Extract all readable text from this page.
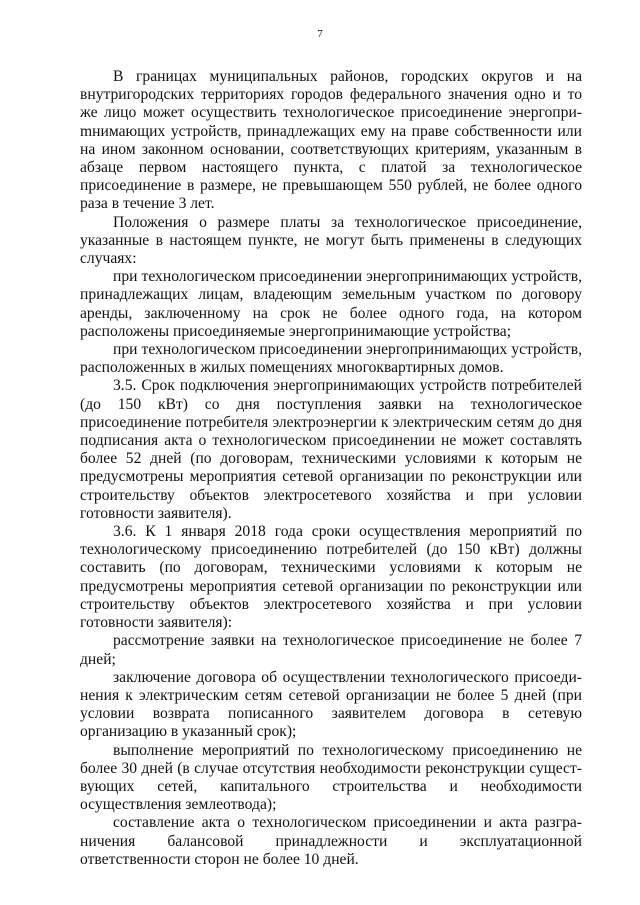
7

В границах муниципальных районов, городских округов и на внутригородских территориях городов федерального значения одно и то же лицо может осуществить технологическое присоединение энергоприmнимающих устройств, принадлежащих ему на праве собственности или на ином законном основании, соответствующих критериям, указанным в абзаце первом настоящего пункта, с платой за технологическое присоединение в размере, не превышающем 550 рублей, не более одного раза в течение 3 лет.

Положения о размере платы за технологическое присоединение, указанные в настоящем пункте, не могут быть применены в следующих случаях:

при технологическом присоединении энергопринимающих устройств, принадлежащих лицам, владеющим земельным участком по договору аренды, заключенному на срок не более одного года, на котором расположены присоединяемые энергопринимающие устройства;

при технологическом присоединении энергопринимающих устройств, расположенных в жилых помещениях многоквартирных домов.

3.5. Срок подключения энергопринимающих устройств потребителей (до 150 кВт) со дня поступления заявки на технологическое присоединение потребителя электроэнергии к электрическим сетям до дня подписания акта о технологическом присоединении не может составлять более 52 дней (по договорам, техническими условиями к которым не предусмотрены мероприятия сетевой организации по реконструкции или строительству объектов электросетевого хозяйства и при условии готовности заявителя).

3.6. К 1 января 2018 года сроки осуществления мероприятий по технологическому присоединению потребителей (до 150 кВт) должны составить (по договорам, техническими условиями к которым не предусмотрены мероприятия сетевой организации по реконструкции или строительству объектов электросетевого хозяйства и при условии готовности заявителя):

рассмотрение заявки на технологическое присоединение не более 7 дней;

заключение договора об осуществлении технологического присоединения к электрическим сетям сетевой организации не более 5 дней (при условии возврата пописанного заявителем договора в сетевую организацию в указанный срок);

выполнение мероприятий по технологическому присоединению не более 30 дней (в случае отсутствия необходимости реконструкции существующих сетей, капитального строительства и необходимости осуществления землеотвода);

составление акта о технологическом присоединении и акта разграничения балансовой принадлежности и эксплуатационной ответственности сторон не более 10 дней.
